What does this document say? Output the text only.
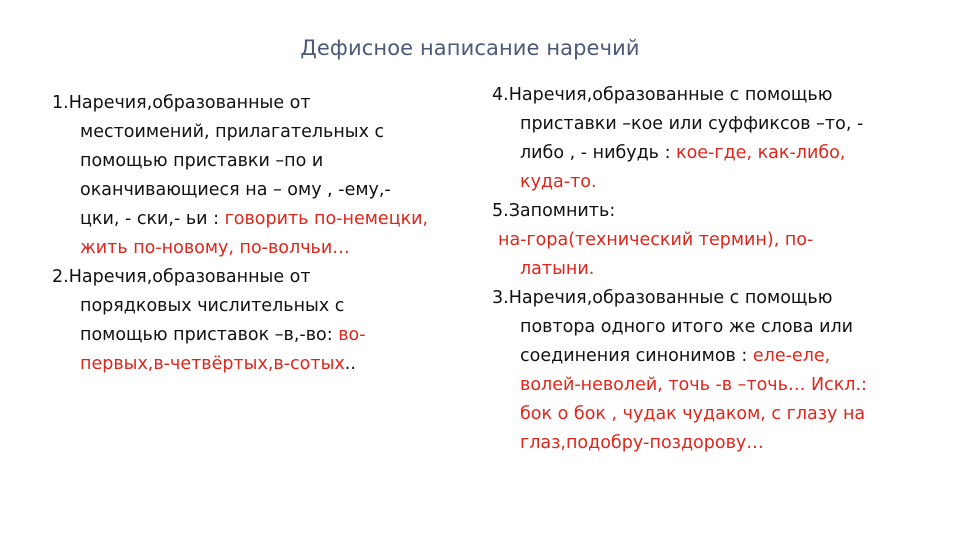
Дефисное написание наречий
1.Наречия,образованные от
местоимений, прилагательных с
помощью приставки –по и
оканчивающиеся на – ому , -ему,-
цки, - ски,- ьи : говорить по-немецки,
жить по-новому, по-волчьи…
2.Наречия,образованные от
порядковых числительных с
помощью приставок –в,-во: во-
первых,в-четвёртых,в-сотых..
4.Наречия,образованные с помощью
приставки –кое или суффиксов –то, -
либо , - нибудь : кое-где, как-либо,
куда-то.
5.Запомнить:
на-гора(технический термин), по-
латыни.
3.Наречия,образованные с помощью
повтора одного итого же слова или
соединения синонимов : еле-еле,
волей-неволей, точь -в –точь… Искл.:
бок о бок , чудак чудаком, с глазу на
глаз,подобру-поздорову…
